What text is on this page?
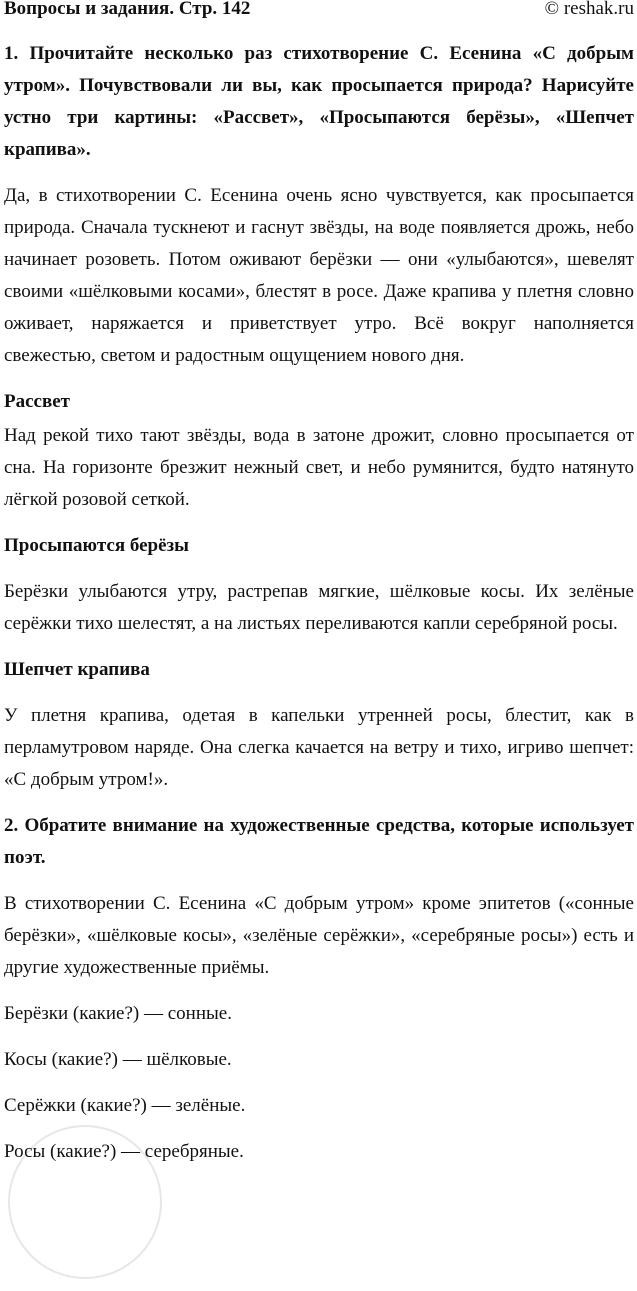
Вопросы и задания. Стр. 142	© reshak.ru

1. Прочитайте несколько раз стихотворение С. Есенина «С добрым утром». Почувствовали ли вы, как просыпается природа? Нарисуйте устно три картины: «Рассвет», «Просыпаются берёзы», «Шепчет крапива».

Да, в стихотворении С. Есенина очень ясно чувствуется, как просыпается природа. Сначала тускнеют и гаснут звёзды, на воде появляется дрожь, небо начинает розоветь. Потом оживают берёзки — они «улыбаются», шевелят своими «шёлковыми косами», блестят в росе. Даже крапива у плетня словно оживает, наряжается и приветствует утро. Всё вокруг наполняется свежестью, светом и радостным ощущением нового дня.

Рассвет

Над рекой тихо тают звёзды, вода в затоне дрожит, словно просыпается от сна. На горизонте брезжит нежный свет, и небо румянится, будто натянуто лёгкой розовой сеткой.

Просыпаются берёзы

Берёзки улыбаются утру, растрепав мягкие, шёлковые косы. Их зелёные серёжки тихо шелестят, а на листьях переливаются капли серебряной росы.

Шепчет крапива

У плетня крапива, одетая в капельки утренней росы, блестит, как в перламутровом наряде. Она слегка качается на ветру и тихо, игриво шепчет: «С добрым утром!».

2. Обратите внимание на художественные средства, которые использует поэт.

В стихотворении С. Есенина «С добрым утром» кроме эпитетов («сонные берёзки», «шёлковые косы», «зелёные серёжки», «серебряные росы») есть и другие художественные приёмы.

Берёзки (какие?) — сонные.

Косы (какие?) — шёлковые.

Серёжки (какие?) — зелёные.

Росы (какие?) — серебряные.
